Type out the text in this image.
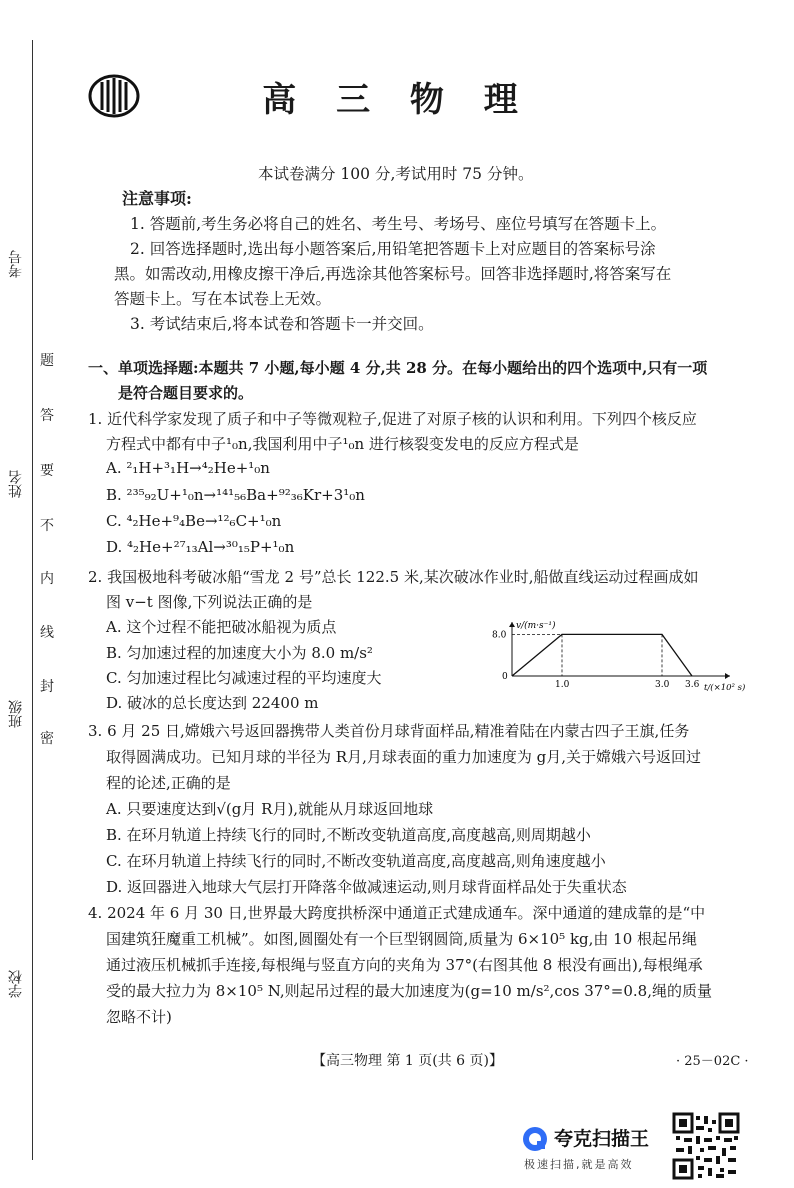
考号
姓名
班级
学校
题
答
要
不
内
线
封
密
高 三 物 理
本试卷满分 100 分,考试用时 75 分钟。
注意事项:
1. 答题前,考生务必将自己的姓名、考生号、考场号、座位号填写在答题卡上。
2. 回答选择题时,选出每小题答案后,用铅笔把答题卡上对应题目的答案标号涂
黑。如需改动,用橡皮擦干净后,再选涂其他答案标号。回答非选择题时,将答案写在
答题卡上。写在本试卷上无效。
3. 考试结束后,将本试卷和答题卡一并交回。
一、单项选择题:本题共 7 小题,每小题 4 分,共 28 分。在每小题给出的四个选项中,只有一项
是符合题目要求的。
1. 近代科学家发现了质子和中子等微观粒子,促进了对原子核的认识和利用。下列四个核反应
方程式中都有中子¹₀n,我国利用中子¹₀n 进行核裂变发电的反应方程式是
A. ²₁H+³₁H→⁴₂He+¹₀n
B. ²³⁵₉₂U+¹₀n→¹⁴¹₅₆Ba+⁹²₃₆Kr+3¹₀n
C. ⁴₂He+⁹₄Be→¹²₆C+¹₀n
D. ⁴₂He+²⁷₁₃Al→³⁰₁₅P+¹₀n
2. 我国极地科考破冰船“雪龙 2 号”总长 122.5 米,某次破冰作业时,船做直线运动过程画成如
图 v−t 图像,下列说法正确的是
A. 这个过程不能把破冰船视为质点
B. 匀加速过程的加速度大小为 8.0 m/s²
C. 匀加速过程比匀减速过程的平均速度大
D. 破冰的总长度达到 22400 m
1.0	3.0 3.6
8.0
0
v/(m·s⁻¹)
t/(×10² s)
3. 6 月 25 日,嫦娥六号返回器携带人类首份月球背面样品,精准着陆在内蒙古四子王旗,任务
取得圆满成功。已知月球的半径为 R月,月球表面的重力加速度为 g月,关于嫦娥六号返回过
程的论述,正确的是
A. 只要速度达到√(g月 R月),就能从月球返回地球
B. 在环月轨道上持续飞行的同时,不断改变轨道高度,高度越高,则周期越小
C. 在环月轨道上持续飞行的同时,不断改变轨道高度,高度越高,则角速度越小
D. 返回器进入地球大气层打开降落伞做减速运动,则月球背面样品处于失重状态
4. 2024 年 6 月 30 日,世界最大跨度拱桥深中通道正式建成通车。深中通道的建成靠的是“中
国建筑狂魔重工机械”。如图,圆圈处有一个巨型钢圆筒,质量为 6×10⁵ kg,由 10 根起吊绳
通过液压机械抓手连接,每根绳与竖直方向的夹角为 37°(右图其他 8 根没有画出),每根绳承
受的最大拉力为 8×10⁵ N,则起吊过程的最大加速度为(g=10 m/s²,cos 37°=0.8,绳的质量
忽略不计)
【高三物理 第 1 页(共 6 页)】	· 25－02C ·
夸克扫描王
极速扫描,就是高效
